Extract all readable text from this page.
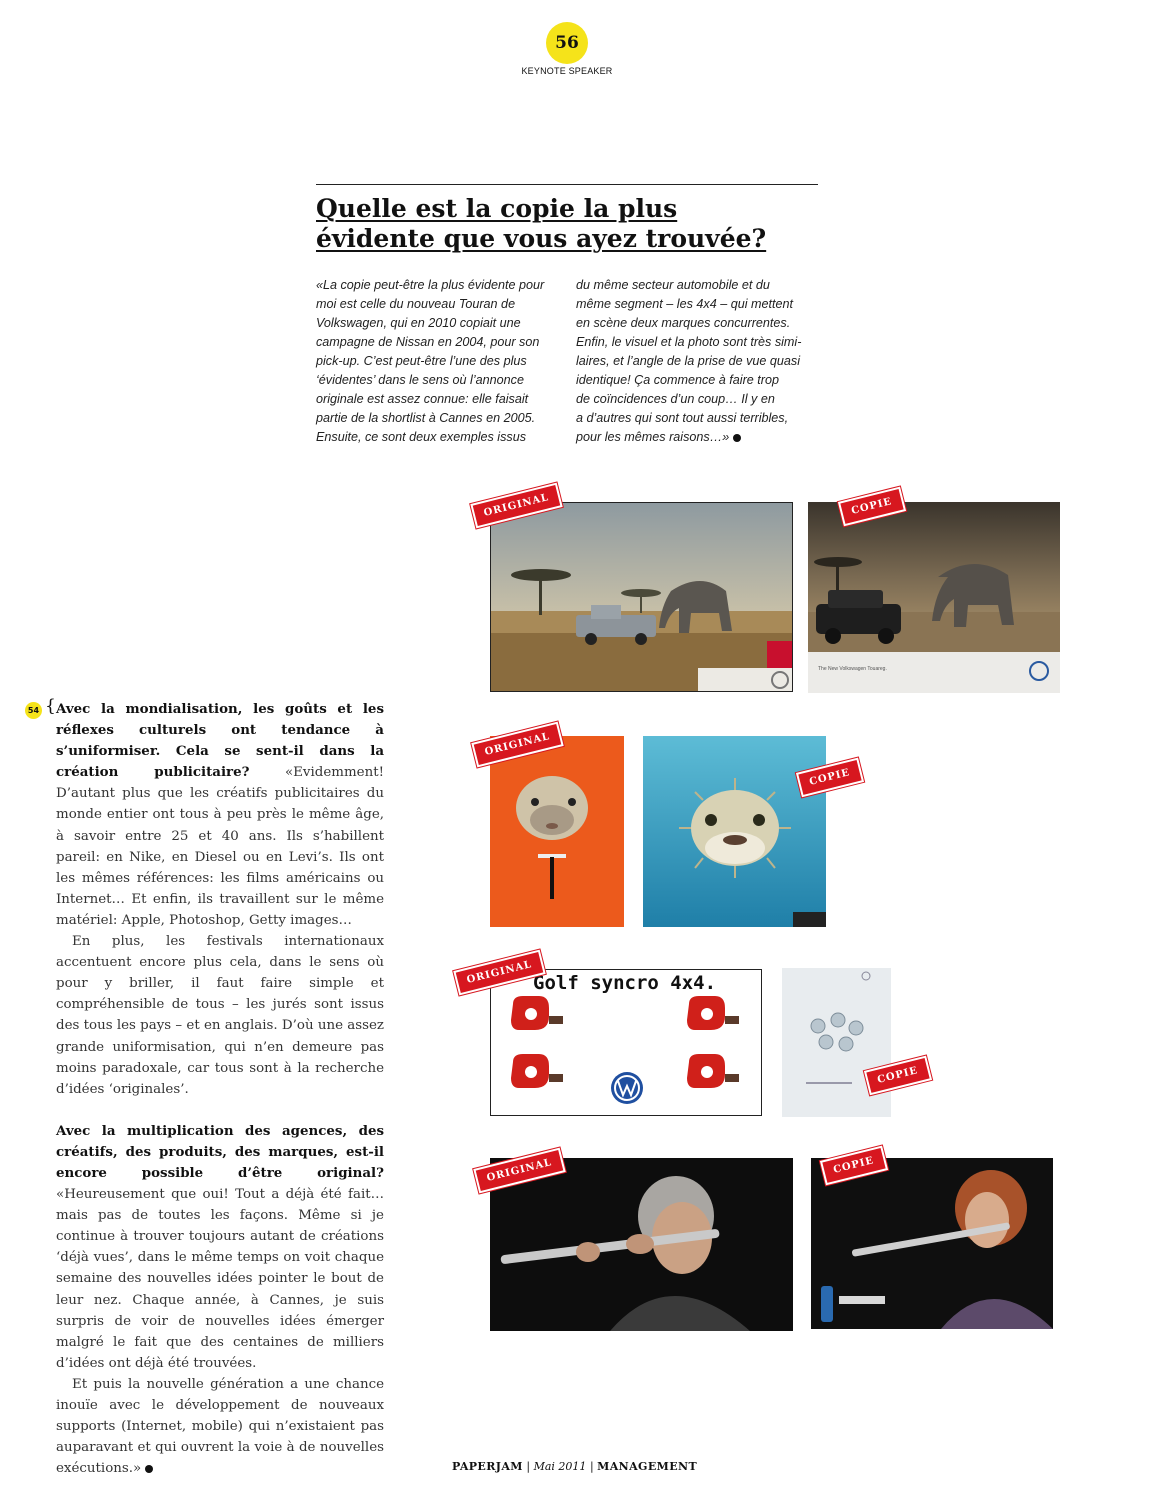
56
KEYNOTE SPEAKER
Quelle est la copie la plus
évidente que vous ayez trouvée?

«La copie peut-être la plus évidente pour
moi est celle du nouveau Touran de
Volkswagen, qui en 2010 copiait une
campagne de Nissan en 2004, pour son
pick-up. C’est peut-être l’une des plus
‘évidentes’ dans le sens où l’annonce
originale est assez connue: elle faisait
partie de la shortlist à Cannes en 2005.
Ensuite, ce sont deux exemples issus

du même secteur automobile et du
même segment – les 4x4 – qui mettent
en scène deux marques concurrentes.
Enfin, le visuel et la photo sont très simi-
laires, et l’angle de la prise de vue quasi
identique! Ça commence à faire trop
de coïncidences d’un coup… Il y en
a d’autres qui sont tout aussi terribles,
pour les mêmes raisons…»

54 { Avec la mondialisation, les goûts et les réflexes culturels ont tendance à s’uniformiser. Cela se sent-il dans la création publicitaire? «Evidemment! D’autant plus que les créatifs publicitaires du monde entier ont tous à peu près le même âge, à savoir entre 25 et 40 ans. Ils s’habillent pareil: en Nike, en Diesel ou en Levi’s. Ils ont les mêmes références: les films américains ou Internet… Et enfin, ils travaillent sur le même matériel: Apple, Photoshop, Getty images…

En plus, les festivals internationaux accentuent encore plus cela, dans le sens où pour y briller, il faut faire simple et compréhensible de tous – les jurés sont issus des tous les pays – et en anglais. D’où une assez grande uniformisation, qui n’en demeure pas moins paradoxale, car tous sont à la recherche d’idées ‘originales’.

Avec la multiplication des agences, des créatifs, des produits, des marques, est-il encore possible d’être original? «Heureusement que oui! Tout a déjà été fait… mais pas de toutes les façons. Même si je continue à trouver toujours autant de créations ‘déjà vues’, dans le même temps on voit chaque semaine des nouvelles idées pointer le bout de leur nez. Chaque année, à Cannes, je suis surpris de voir de nouvelles idées émerger malgré le fait que des centaines de milliers d’idées ont déjà été trouvées.

Et puis la nouvelle génération a une chance inouïe avec le développement de nouveaux supports (Internet, mobile) qui n’existaient pas auparavant et qui ouvrent la voie à de nouvelles exécutions.»

ORIGINAL
The New Volkswagen Touareg.
COPIE
ORIGINAL
COPIE
Golf syncro 4x4.
ORIGINAL
COPIE
ORIGINAL	COPIE
PAPERJAM | Mai 2011 | MANAGEMENT
